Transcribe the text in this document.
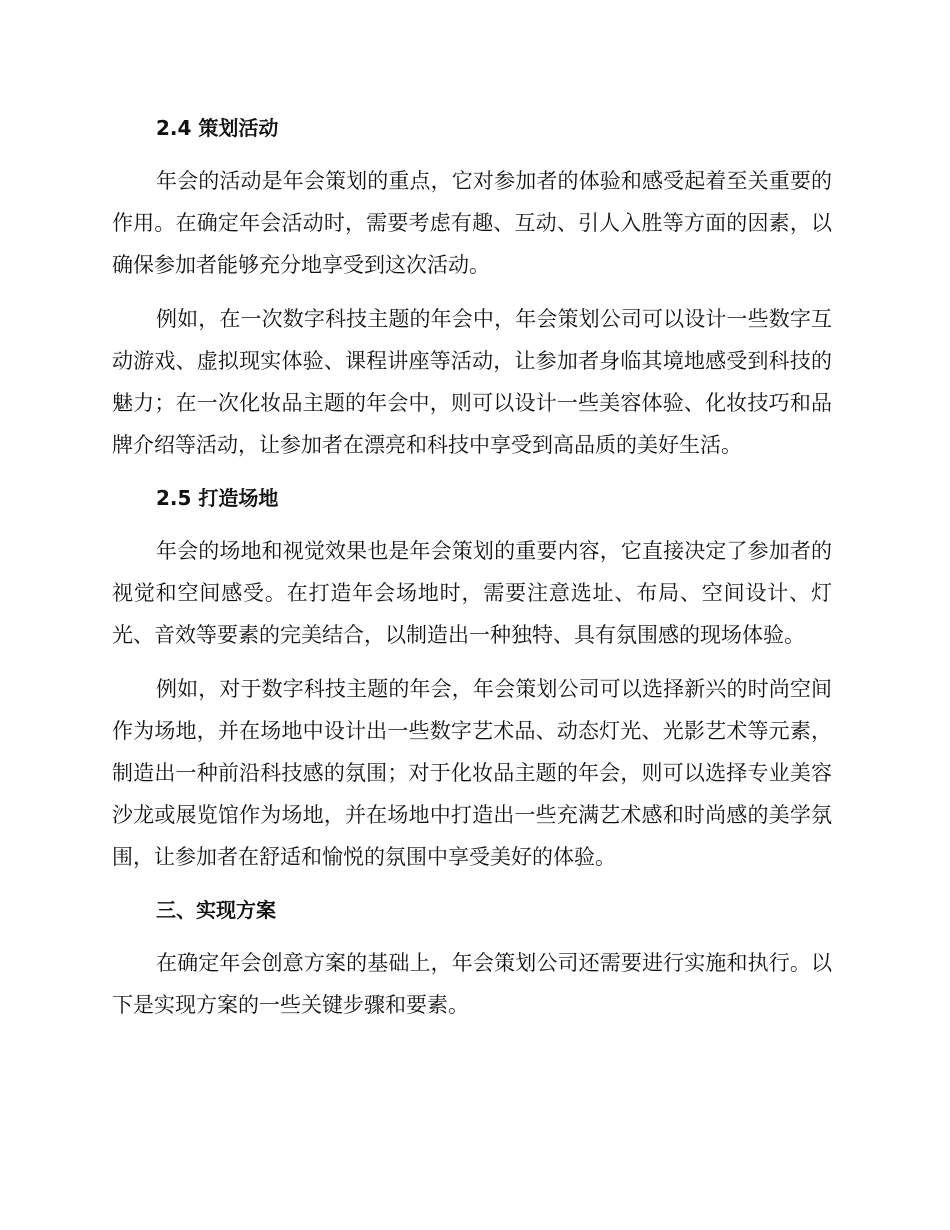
2.4 策划活动

年会的活动是年会策划的重点，它对参加者的体验和感受起着至关重要的作用。在确定年会活动时，需要考虑有趣、互动、引人入胜等方面的因素，以确保参加者能够充分地享受到这次活动。

例如，在一次数字科技主题的年会中，年会策划公司可以设计一些数字互动游戏、虚拟现实体验、课程讲座等活动，让参加者身临其境地感受到科技的魅力；在一次化妆品主题的年会中，则可以设计一些美容体验、化妆技巧和品牌介绍等活动，让参加者在漂亮和科技中享受到高品质的美好生活。

2.5 打造场地

年会的场地和视觉效果也是年会策划的重要内容，它直接决定了参加者的视觉和空间感受。在打造年会场地时，需要注意选址、布局、空间设计、灯光、音效等要素的完美结合，以制造出一种独特、具有氛围感的现场体验。

例如，对于数字科技主题的年会，年会策划公司可以选择新兴的时尚空间作为场地，并在场地中设计出一些数字艺术品、动态灯光、光影艺术等元素，制造出一种前沿科技感的氛围；对于化妆品主题的年会，则可以选择专业美容沙龙或展览馆作为场地，并在场地中打造出一些充满艺术感和时尚感的美学氛围，让参加者在舒适和愉悦的氛围中享受美好的体验。

三、实现方案

在确定年会创意方案的基础上，年会策划公司还需要进行实施和执行。以下是实现方案的一些关键步骤和要素。
